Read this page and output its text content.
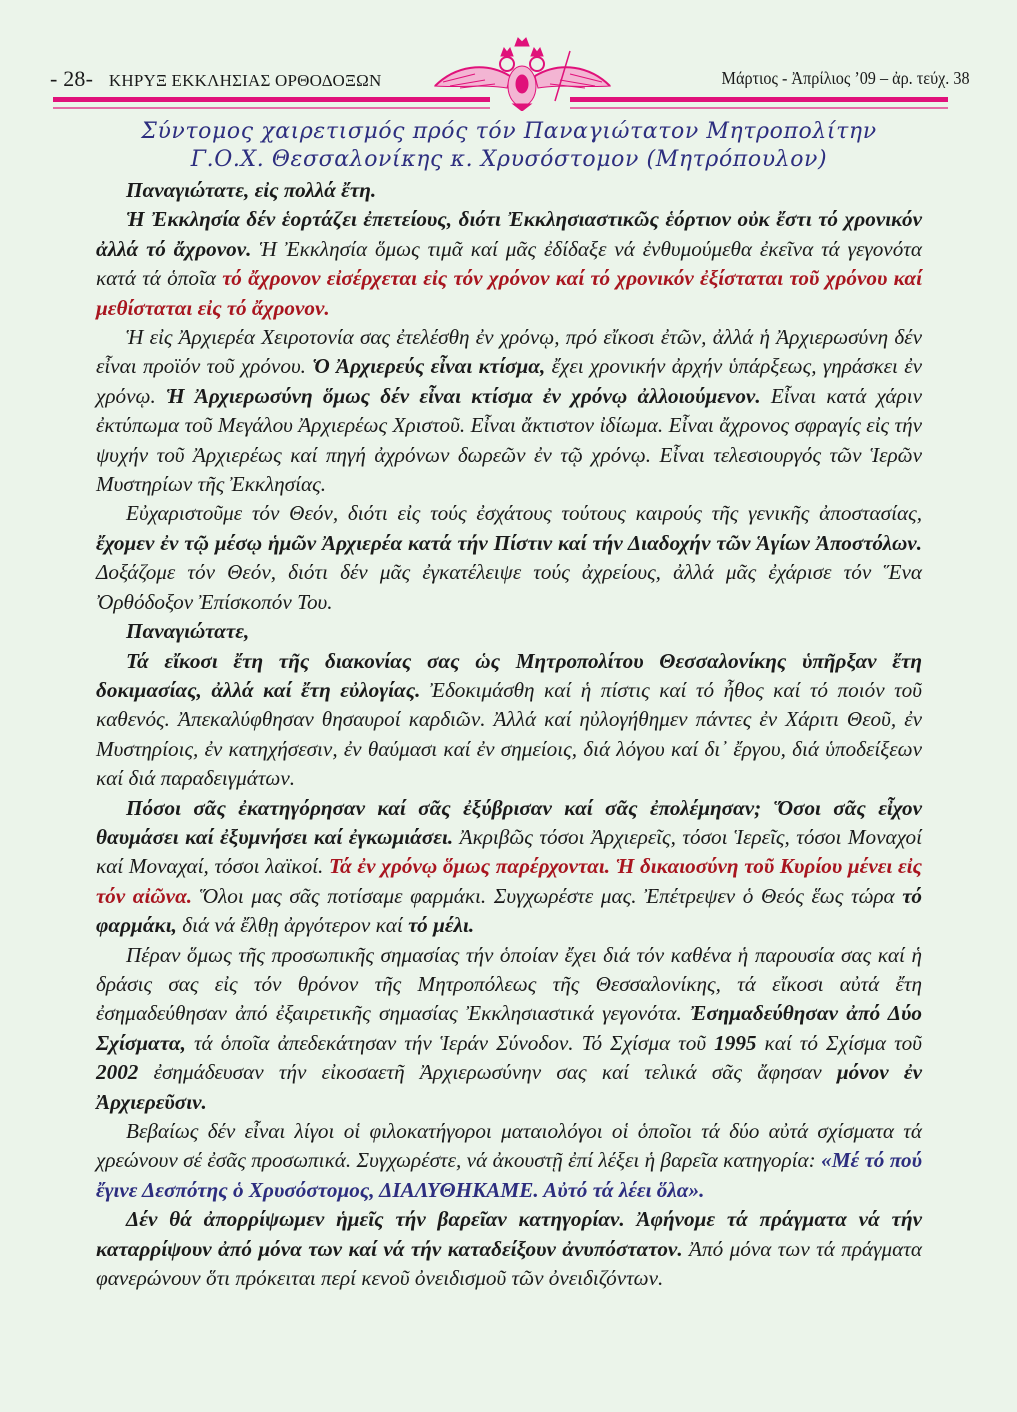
- 28- ΚΗΡΥΞ ΕΚΚΛΗΣΙΑΣ ΟΡΘΟΔΟΞΩΝ	Μάρτιος - Ἀπρίλιος ’09 – ἀρ. τεύχ. 38
Σύντομος χαιρετισμός πρός τόν Παναγιώτατον Μητροπολίτην
Γ.Ο.Χ. Θεσσαλονίκης κ. Χρυσόστομον (Μητρόπουλον)

Παναγιώτατε, εἰς πολλά ἔτη.

Ἡ Ἐκκλησία δέν ἑορτάζει ἐπετείους, διότι Ἐκκλησιαστικῶς ἑόρτιον οὐκ ἔστι τό χρονικόν ἀλλά τό ἄχρονον. Ἡ Ἐκκλησία ὅμως τιμᾶ καί μᾶς ἐδίδαξε νά ἐνθυμούμεθα ἐκεῖνα τά γεγονότα κατά τά ὁποῖα τό ἄχρονον εἰσέρχεται εἰς τόν χρόνον καί τό χρονικόν ἐξίσταται τοῦ χρόνου καί μεθίσταται εἰς τό ἄχρονον.

Ἡ εἰς Ἀρχιερέα Χειροτονία σας ἐτελέσθη ἐν χρόνῳ, πρό εἴκοσι ἐτῶν, ἀλλά ἡ Ἀρχιερωσύνη δέν εἶναι προϊόν τοῦ χρόνου. Ὁ Ἀρχιερεύς εἶναι κτίσμα, ἔχει χρονικήν ἀρχήν ὑπάρξεως, γηράσκει ἐν χρόνῳ. Ἡ Ἀρχιερωσύνη ὅμως δέν εἶναι κτίσμα ἐν χρόνῳ ἀλλοιούμενον. Εἶναι κατά χάριν ἐκτύπωμα τοῦ Μεγάλου Ἀρχιερέως Χριστοῦ. Εἶναι ἄκτιστον ἰδίωμα. Εἶναι ἄχρονος σφραγίς εἰς τήν ψυχήν τοῦ Ἀρχιερέως καί πηγή ἀχρόνων δωρεῶν ἐν τῷ χρόνῳ. Εἶναι τελεσιουργός τῶν Ἱερῶν Μυστηρίων τῆς Ἐκκλησίας.

Εὐχαριστοῦμε τόν Θεόν, διότι εἰς τούς ἐσχάτους τούτους καιρούς τῆς γενικῆς ἀποστασίας, ἔχομεν ἐν τῷ μέσῳ ἡμῶν Ἀρχιερέα κατά τήν Πίστιν καί τήν Διαδοχήν τῶν Ἁγίων Ἀποστόλων. Δοξάζομε τόν Θεόν, διότι δέν μᾶς ἐγκατέλειψε τούς ἀχρείους, ἀλλά μᾶς ἐχάρισε τόν Ἕνα Ὀρθόδοξον Ἐπίσκοπόν Του.

Παναγιώτατε,

Τά εἴκοσι ἔτη τῆς διακονίας σας ὡς Μητροπολίτου Θεσσαλονίκης ὑπῆρξαν ἔτη δοκιμασίας, ἀλλά καί ἔτη εὐλογίας. Ἐδοκιμάσθη καί ἡ πίστις καί τό ἦθος καί τό ποιόν τοῦ καθενός. Ἀπεκαλύφθησαν θησαυροί καρδιῶν. Ἀλλά καί ηὐλογήθημεν πάντες ἐν Χάριτι Θεοῦ, ἐν Μυστηρίοις, ἐν κατηχήσεσιν, ἐν θαύμασι καί ἐν σημείοις, διά λόγου καί δι᾽ ἔργου, διά ὑποδείξεων καί διά παραδειγμάτων.

Πόσοι σᾶς ἐκατηγόρησαν καί σᾶς ἐξύβρισαν καί σᾶς ἐπολέμησαν; Ὅσοι σᾶς εἶχον θαυμάσει καί ἐξυμνήσει καί ἐγκωμιάσει. Ἀκριβῶς τόσοι Ἀρχιερεῖς, τόσοι Ἱερεῖς, τόσοι Μοναχοί καί Μοναχαί, τόσοι λαϊκοί. Τά ἐν χρόνῳ ὅμως παρέρχονται. Ἡ δικαιοσύνη τοῦ Κυρίου μένει εἰς τόν αἰῶνα. Ὅλοι μας σᾶς ποτίσαμε φαρμάκι. Συγχωρέστε μας. Ἐπέτρεψεν ὁ Θεός ἕως τώρα τό φαρμάκι, διά νά ἔλθῃ ἀργότερον καί τό μέλι.

Πέραν ὅμως τῆς προσωπικῆς σημασίας τήν ὁποίαν ἔχει διά τόν καθένα ἡ παρουσία σας καί ἡ δράσις σας εἰς τόν θρόνον τῆς Μητροπόλεως τῆς Θεσσαλονίκης, τά εἴκοσι αὐτά ἔτη ἐσημαδεύθησαν ἀπό ἐξαιρετικῆς σημασίας Ἐκκλησιαστικά γεγονότα. Ἐσημαδεύθησαν ἀπό Δύο Σχίσματα, τά ὁποῖα ἀπεδεκάτησαν τήν Ἱεράν Σύνοδον. Τό Σχίσμα τοῦ 1995 καί τό Σχίσμα τοῦ 2002 ἐσημάδευσαν τήν εἰκοσαετῆ Ἀρχιερωσύνην σας καί τελικά σᾶς ἄφησαν μόνον ἐν Ἀρχιερεῦσιν.

Βεβαίως δέν εἶναι λίγοι οἱ φιλοκατήγοροι ματαιολόγοι οἱ ὁποῖοι τά δύο αὐτά σχίσματα τά χρεώνουν σέ ἐσᾶς προσωπικά. Συγχωρέστε, νά ἀκουστῇ ἐπί λέξει ἡ βαρεῖα κατηγορία: «Μέ τό πού ἔγινε Δεσπότης ὁ Χρυσόστομος, ΔΙΑΛΥΘΗΚΑΜΕ. Αὐτό τά λέει ὅλα».

Δέν θά ἀπορρίψωμεν ἡμεῖς τήν βαρεῖαν κατηγορίαν. Ἀφήνομε τά πράγματα νά τήν καταρρίψουν ἀπό μόνα των καί νά τήν καταδείξουν ἀνυπόστατον. Ἀπό μόνα των τά πράγματα φανερώνουν ὅτι πρόκειται περί κενοῦ ὀνειδισμοῦ τῶν ὀνειδιζόντων.
